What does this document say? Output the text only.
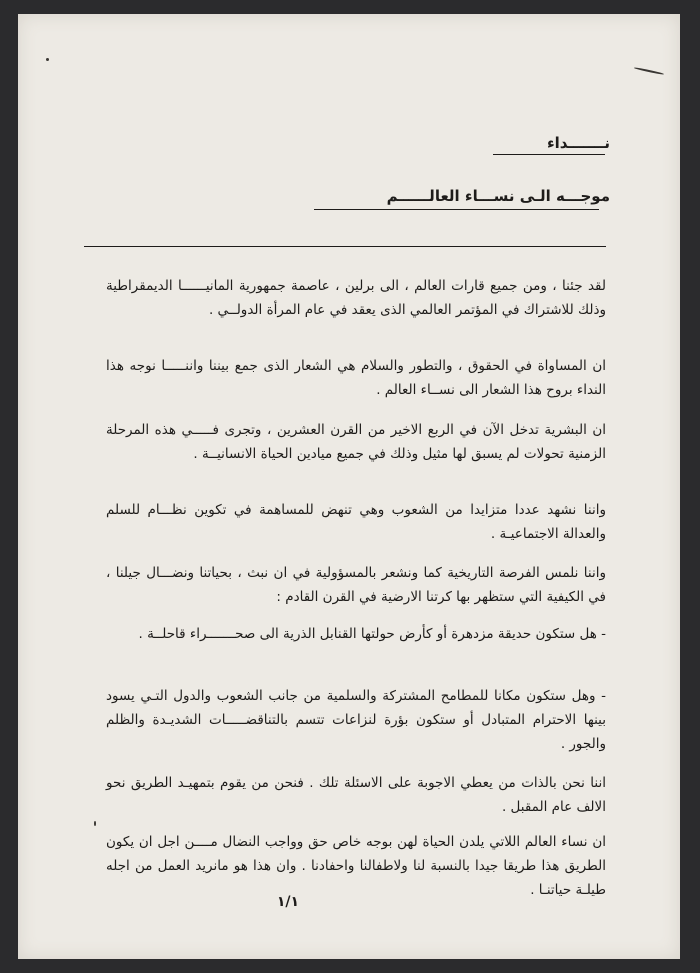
نـــــــداء
موجـــه الـى نســـاء العالــــــم
لقد جئنا ، ومن جميع قارات العالم ، الى برلين ، عاصمة جمهورية المانيــــــا الديمقراطية وذلك للاشتراك في المؤتمر العالمي الذى يعقد في عام المرأة الدولــي .
ان المساواة في الحقوق ، والتطور والسلام هي الشعار الذى جمع بيننا واننـــــا نوجه هذا النداء بروح هذا الشعار الى نســاء العالم .
ان البشرية تدخل الآن في الربع الاخير من القرن العشرين ، وتجرى فـــــي هذه المرحلة الزمنية تحولات لم يسبق لها مثيل وذلك في جميع ميادين الحياة الانسانيــة .
واننا نشهد عددا متزايدا من الشعوب وهي تنهض للمساهمة في تكوين نظـــام للسلم والعدالة الاجتماعيـة .
واننا نلمس الفرصة التاريخية كما ونشعر بالمسؤولية في ان نبث ، بحياتنا ونضـــال جيلنا ، في الكيفية التي ستظهر بها كرتنا الارضية في القرن القادم :
- هل ستكون حديقة مزدهرة أو كأرض حولتها القنابل الذرية الى صحـــــــراء قاحلــة .
- وهل ستكون مكانا للمطامح المشتركة والسلمية من جانب الشعوب والدول التـي يسود بينها الاحترام المتبادل أو ستكون بؤرة لنزاعات تتسم بالتناقضـــــات الشديـدة والظلم والجور .
اننا نحن بالذات من يعطي الاجوبة على الاسئلة تلك . فنحن من يقوم بتمهيـد الطريق نحو الالف عام المقبل .
ان نساء العالم اللاتي يلدن الحياة لهن بوجه خاص حق وواجب النضال مــــن اجل ان يكون الطريق هذا طريقا جيدا بالنسبة لنا ولاطفالنا واحفادنا . وان هذا هو مانريد العمل من اجله طيلـة حياتنـا .
١/١
